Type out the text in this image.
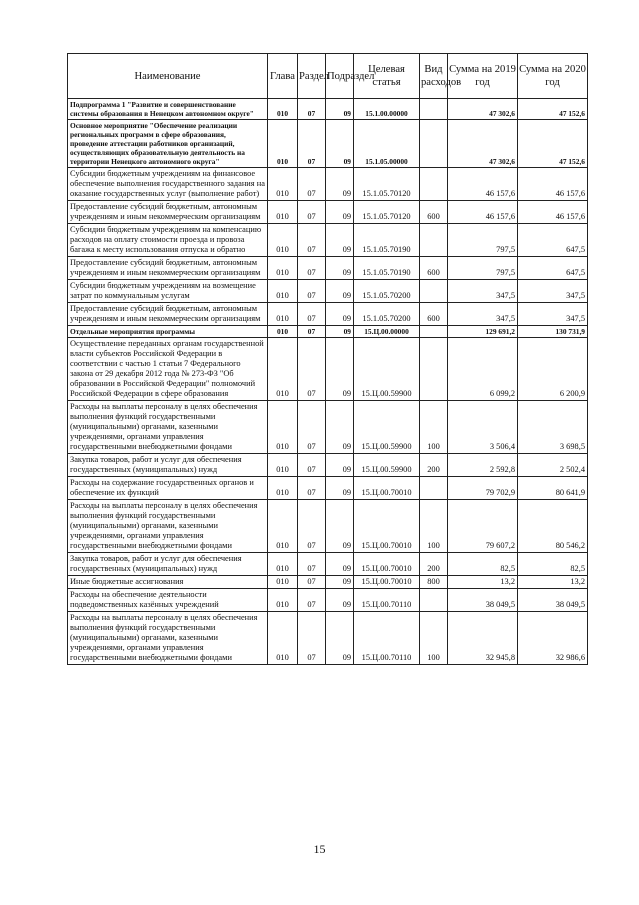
Наименование	Глава	Раздел	Подраздел	Целевая статья	Вид расходов	Сумма на 2019 год	Сумма на 2020 год
Подпрограмма 1 "Развитие и совершенствование системы образования в Ненецком автономном округе"	010	07	09	15.1.00.00000		47 302,6	47 152,6
Основное мероприятие "Обеспечение реализации региональных программ в сфере образования, проведение аттестации работников организаций, осуществляющих образовательную деятельность на территории Ненецкого автономного округа"	010	07	09	15.1.05.00000		47 302,6	47 152,6
Субсидии бюджетным учреждениям на финансовое обеспечение выполнения государственного задания на оказание государственных услуг (выполнение работ)	010	07	09	15.1.05.70120		46 157,6	46 157,6
Предоставление субсидий бюджетным, автономным учреждениям и иным некоммерческим организациям	010	07	09	15.1.05.70120	600	46 157,6	46 157,6
Субсидии бюджетным учреждениям на компенсацию расходов на оплату стоимости проезда и провоза багажа к месту использования отпуска и обратно	010	07	09	15.1.05.70190		797,5	647,5
Предоставление субсидий бюджетным, автономным учреждениям и иным некоммерческим организациям	010	07	09	15.1.05.70190	600	797,5	647,5
Субсидии бюджетным учреждениям на возмещение затрат по коммунальным услугам	010	07	09	15.1.05.70200		347,5	347,5
Предоставление субсидий бюджетным, автономным учреждениям и иным некоммерческим организациям	010	07	09	15.1.05.70200	600	347,5	347,5
Отдельные мероприятия программы	010	07	09	15.Ц.00.00000		129 691,2	130 731,9
Осуществление переданных органам государственной власти субъектов Российской Федерации в соответствии с частью 1 статьи 7 Федерального закона от 29 декабря 2012 года № 273-ФЗ "Об образовании в Российской Федерации" полномочий Российской Федерации в сфере образования	010	07	09	15.Ц.00.59900		6 099,2	6 200,9
Расходы на выплаты персоналу в целях обеспечения выполнения функций государственными (муниципальными) органами, казенными учреждениями, органами управления государственными внебюджетными фондами	010	07	09	15.Ц.00.59900	100	3 506,4	3 698,5
Закупка товаров, работ и услуг для обеспечения государственных (муниципальных) нужд	010	07	09	15.Ц.00.59900	200	2 592,8	2 502,4
Расходы на содержание государственных органов и обеспечение их функций	010	07	09	15.Ц.00.70010		79 702,9	80 641,9
Расходы на выплаты персоналу в целях обеспечения выполнения функций государственными (муниципальными) органами, казенными учреждениями, органами управления государственными внебюджетными фондами	010	07	09	15.Ц.00.70010	100	79 607,2	80 546,2
Закупка товаров, работ и услуг для обеспечения государственных (муниципальных) нужд	010	07	09	15.Ц.00.70010	200	82,5	82,5
Иные бюджетные ассигнования	010	07	09	15.Ц.00.70010	800	13,2	13,2
Расходы на обеспечение деятельности подведомственных казённых учреждений	010	07	09	15.Ц.00.70110		38 049,5	38 049,5
Расходы на выплаты персоналу в целях обеспечения выполнения функций государственными (муниципальными) органами, казенными учреждениями, органами управления государственными внебюджетными фондами	010	07	09	15.Ц.00.70110	100	32 945,8	32 986,6
15
